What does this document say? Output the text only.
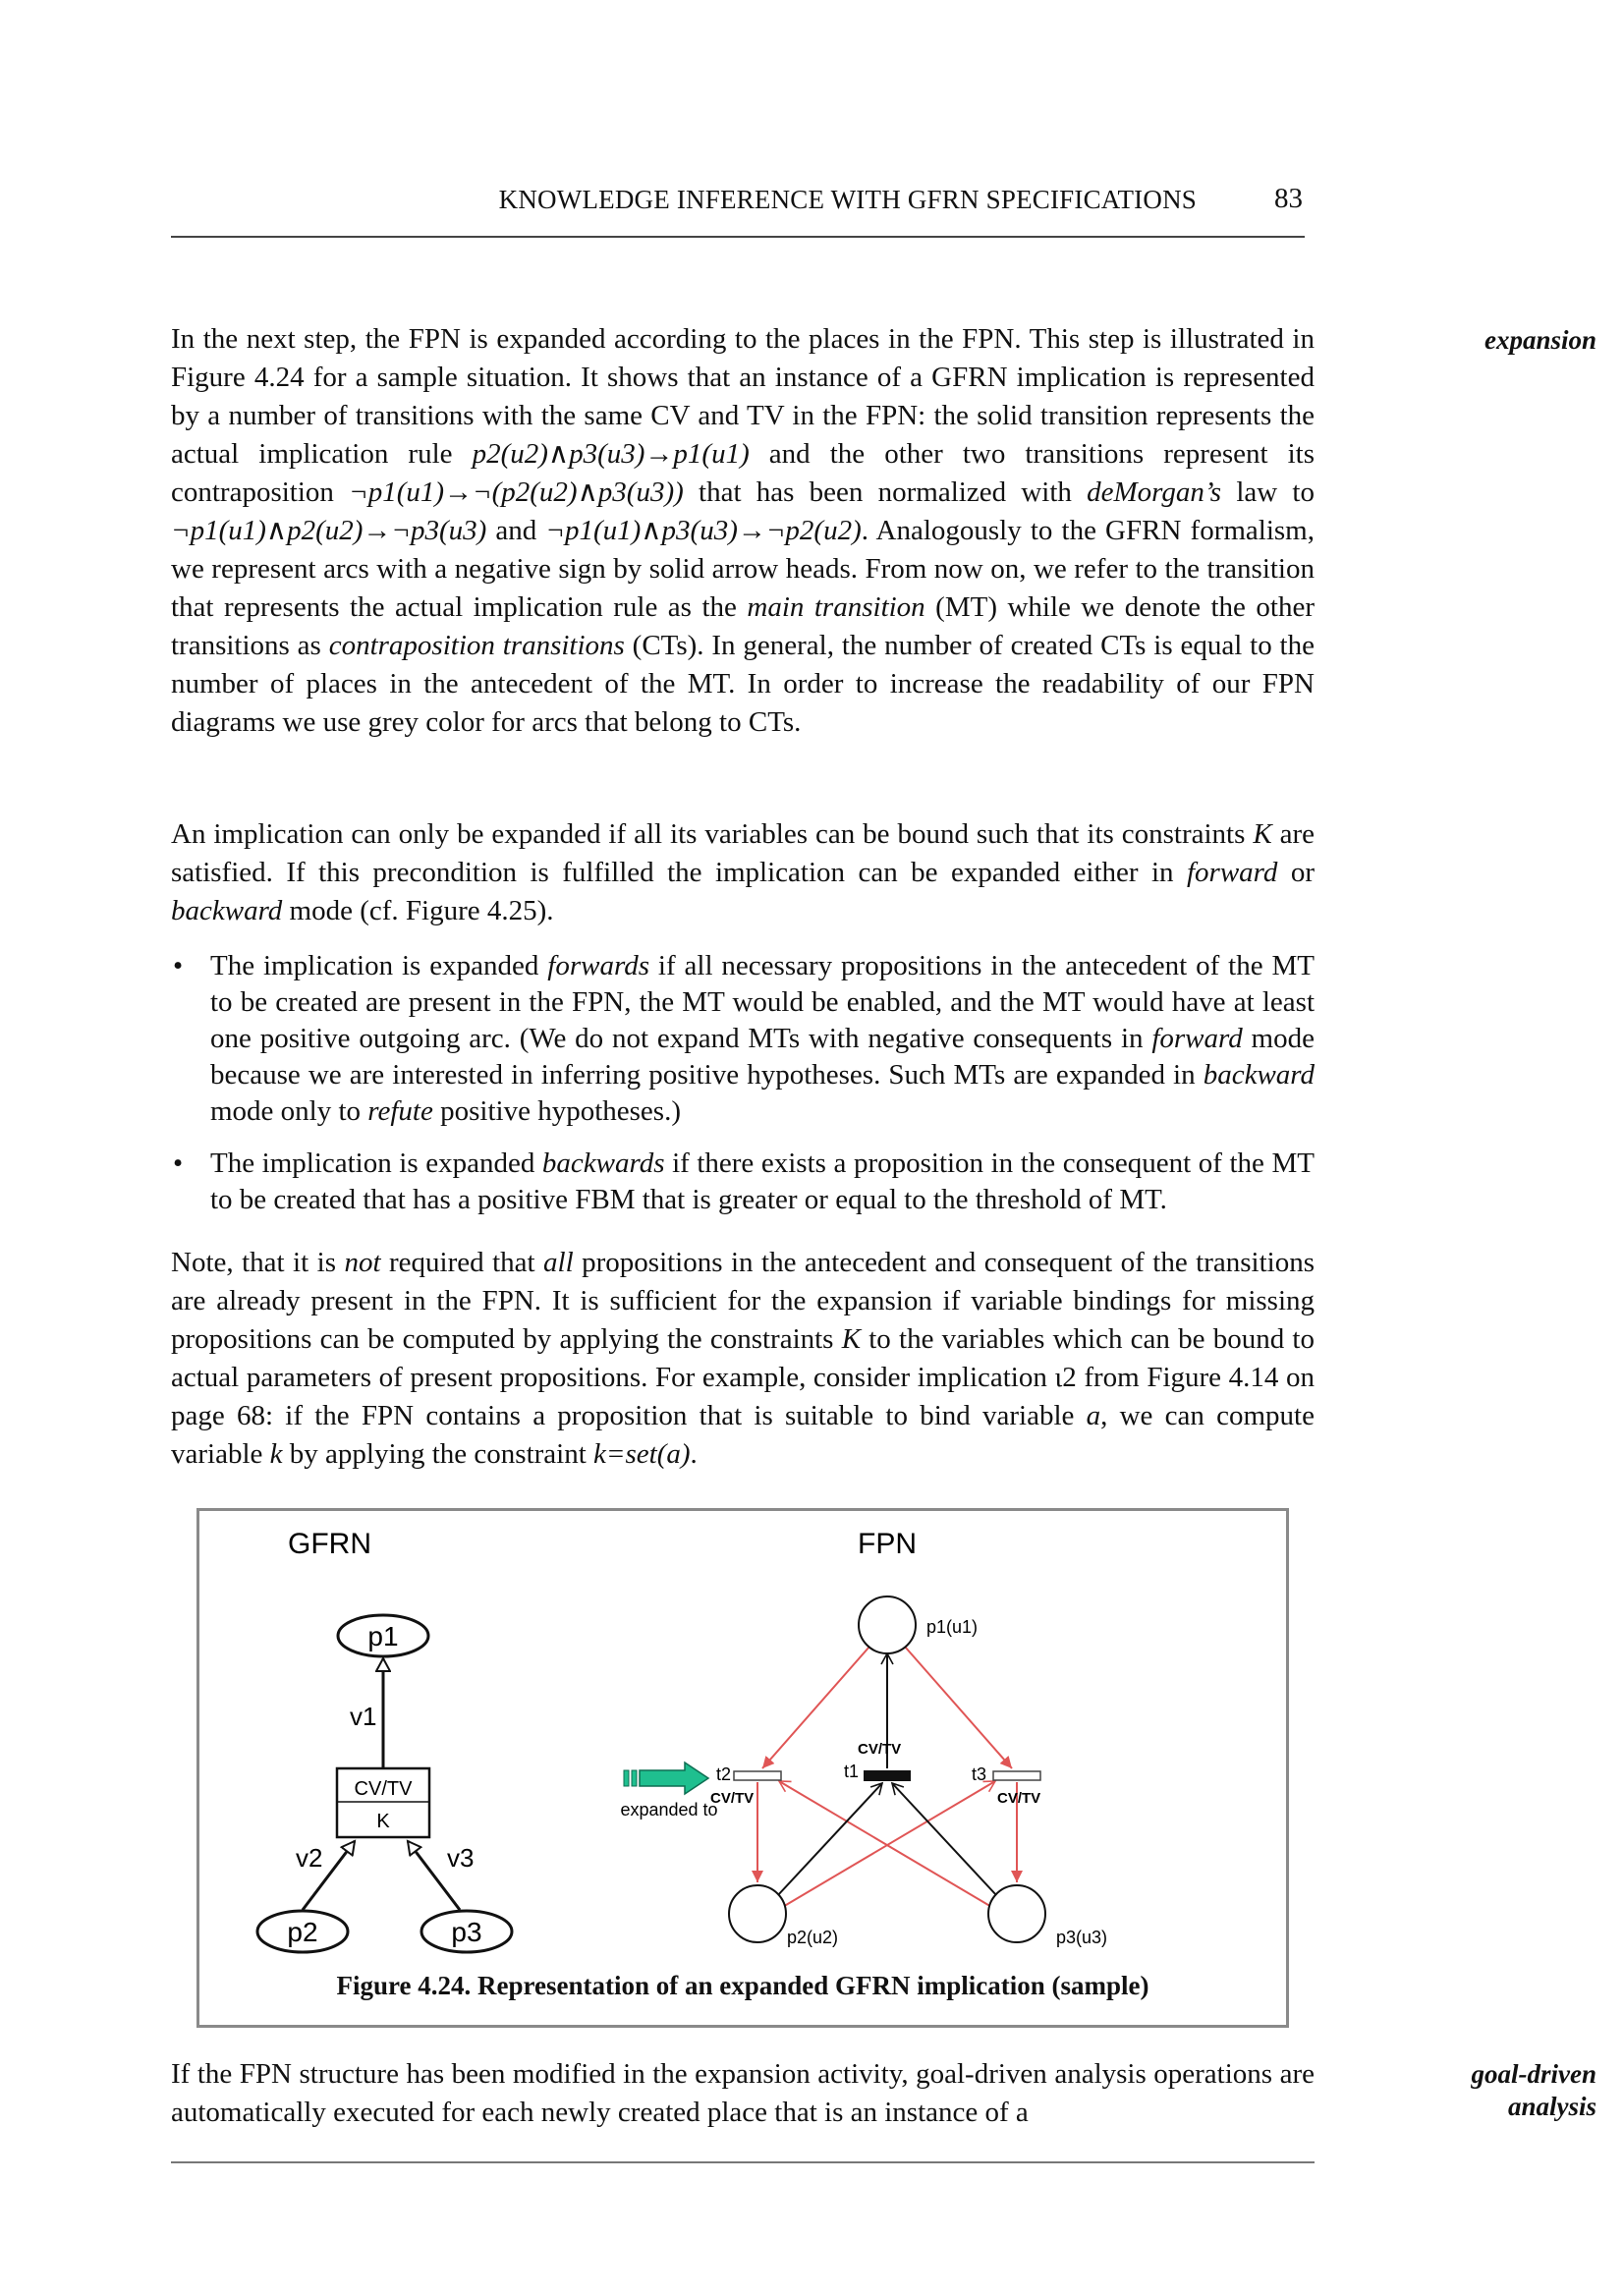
KNOWLEDGE INFERENCE WITH GFRN SPECIFICATIONS	83
expansion
goal-driven
analysis

In the next step, the FPN is expanded according to the places in the FPN. This step is illustrated in Figure 4.24 for a sample situation. It shows that an instance of a GFRN implication is represented by a number of transitions with the same CV and TV in the FPN: the solid transition represents the actual implication rule p2(u2)∧p3(u3)→p1(u1) and the other two transitions represent its contraposition ¬p1(u1)→¬(p2(u2)∧p3(u3)) that has been normalized with deMorgan’s law to ¬p1(u1)∧p2(u2)→¬p3(u3) and ¬p1(u1)∧p3(u3)→¬p2(u2). Analogously to the GFRN formalism, we represent arcs with a negative sign by solid arrow heads. From now on, we refer to the transition that represents the actual implication rule as the main transition (MT) while we denote the other transitions as contraposition transitions (CTs). In general, the number of created CTs is equal to the number of places in the antecedent of the MT. In order to increase the readability of our FPN diagrams we use grey color for arcs that belong to CTs.

An implication can only be expanded if all its variables can be bound such that its constraints K are satisfied. If this precondition is fulfilled the implication can be expanded either in forward or backward mode (cf. Figure 4.25).

• The implication is expanded forwards if all necessary propositions in the antecedent of the MT to be created are present in the FPN, the MT would be enabled, and the MT would have at least one positive outgoing arc. (We do not expand MTs with negative consequents in forward mode because we are interested in inferring positive hypotheses. Such MTs are expanded in backward mode only to refute positive hypotheses.)
• The implication is expanded backwards if there exists a proposition in the consequent of the MT to be created that has a positive FBM that is greater or equal to the threshold of MT.

Note, that it is not required that all propositions in the antecedent and consequent of the transitions are already present in the FPN. It is sufficient for the expansion if variable bindings for missing propositions can be computed by applying the constraints K to the variables which can be bound to actual parameters of present propositions. For example, consider implication ι2 from Figure 4.14 on page 68: if the FPN contains a proposition that is suitable to bind variable a, we can compute variable k by applying the constraint k=set(a).

GFRN
p1
v1
CV/TV
K
v2	v3
p2	p3
expanded to
FPN
p1(u1)
p2(u2)	p3(u3)
t2
CV/TV
t1
CV/TV
t3
CV/TV
Figure 4.24. Representation of an expanded GFRN implication (sample)

If the FPN structure has been modified in the expansion activity, goal-driven analysis operations are automatically executed for each newly created place that is an instance of a
